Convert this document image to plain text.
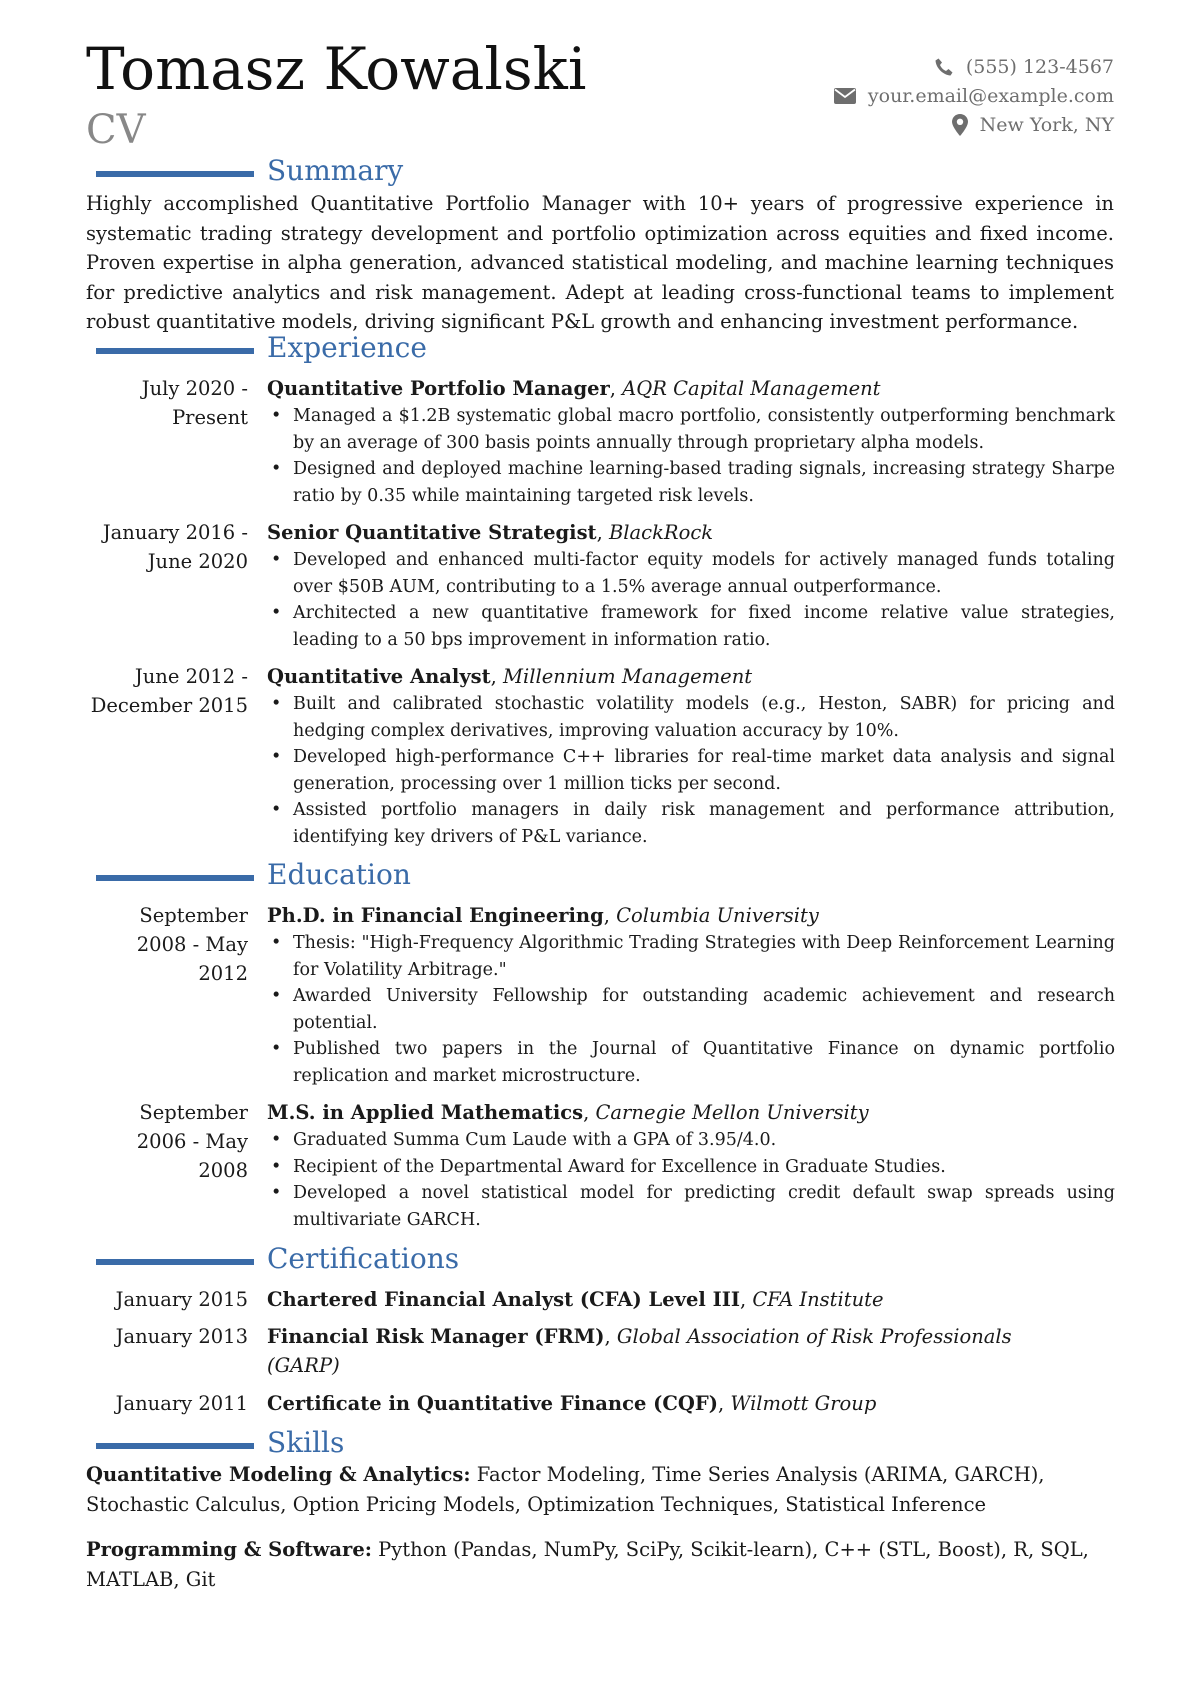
Tomasz Kowalski
CV
(555) 123-4567
your.email@example.com
New York, NY
Summary
Highly accomplished Quantitative Portfolio Manager with 10+ years of progressive experience in systematic trading strategy development and portfolio optimization across equities and fixed income. Proven expertise in alpha generation, advanced statistical modeling, and machine learning techniques for predictive analytics and risk management. Adept at leading cross-functional teams to implement robust quantitative models, driving significant P&L growth and enhancing investment performance.
Experience
July 2020 - Present
Quantitative Portfolio Manager, AQR Capital Management
• Managed a $1.2B systematic global macro portfolio, consistently outperforming benchmark by an average of 300 basis points annually through proprietary alpha models.
• Designed and deployed machine learning-based trading signals, increasing strategy Sharpe ratio by 0.35 while maintaining targeted risk levels.
January 2016 - June 2020
Senior Quantitative Strategist, BlackRock
• Developed and enhanced multi-factor equity models for actively managed funds totaling over $50B AUM, contributing to a 1.5% average annual outperformance.
• Architected a new quantitative framework for fixed income relative value strategies, leading to a 50 bps improvement in information ratio.
June 2012 - December 2015
Quantitative Analyst, Millennium Management
• Built and calibrated stochastic volatility models (e.g., Heston, SABR) for pricing and hedging complex derivatives, improving valuation accuracy by 10%.
• Developed high-performance C++ libraries for real-time market data analysis and signal generation, processing over 1 million ticks per second.
• Assisted portfolio managers in daily risk management and performance attribution, identifying key drivers of P&L variance.
Education
September 2008 - May 2012
Ph.D. in Financial Engineering, Columbia University
• Thesis: "High-Frequency Algorithmic Trading Strategies with Deep Reinforcement Learning for Volatility Arbitrage."
• Awarded University Fellowship for outstanding academic achievement and research potential.
• Published two papers in the Journal of Quantitative Finance on dynamic portfolio replication and market microstructure.
September 2006 - May 2008
M.S. in Applied Mathematics, Carnegie Mellon University
• Graduated Summa Cum Laude with a GPA of 3.95/4.0.
• Recipient of the Departmental Award for Excellence in Graduate Studies.
• Developed a novel statistical model for predicting credit default swap spreads using multivariate GARCH.
Certifications
January 2015 Chartered Financial Analyst (CFA) Level III, CFA Institute
January 2013 Financial Risk Manager (FRM), Global Association of Risk Professionals (GARP)
January 2011 Certificate in Quantitative Finance (CQF), Wilmott Group
Skills
Quantitative Modeling & Analytics: Factor Modeling, Time Series Analysis (ARIMA, GARCH), Stochastic Calculus, Option Pricing Models, Optimization Techniques, Statistical Inference
Programming & Software: Python (Pandas, NumPy, SciPy, Scikit-learn), C++ (STL, Boost), R, SQL, MATLAB, Git
